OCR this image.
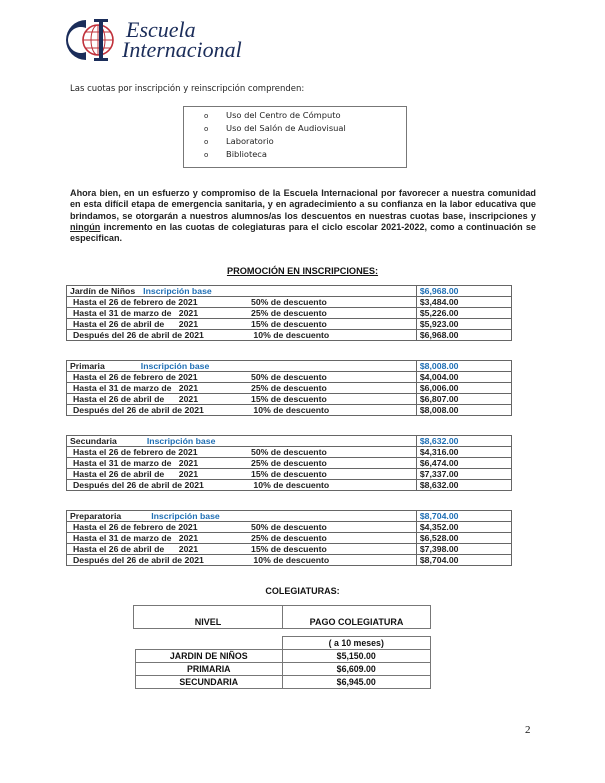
Escuela
Internacional
Las cuotas por inscripción y reinscripción comprenden:
o Uso del Centro de Cómputo
o Uso del Salón de Audiovisual
o Laboratorio
o Biblioteca
Ahora bien, en un esfuerzo y compromiso de la Escuela Internacional por favorecer a nuestra comunidad en esta difícil etapa de emergencia sanitaria, y en agradecimiento a su confianza en la labor educativa que brindamos, se otorgarán a nuestros alumnos/as los descuentos en nuestras cuotas base, inscripciones y ningún incremento en las cuotas de colegiaturas para el ciclo escolar 2021-2022, como a continuación se especifican.
PROMOCIÓN EN INSCRIPCIONES:
Jardín de Niños Inscripción base	$6,968.00
Hasta el 26 de febrero de 2021 50% de descuento	$3,484.00
Hasta el 31 de marzo de   2021 25% de descuento	$5,226.00
Hasta el 26 de abril de      2021 15% de descuento	$5,923.00
Después del 26 de abril de 2021 10% de descuento	$6,968.00
Primaria Inscripción base	$8,008.00
Hasta el 26 de febrero de 2021 50% de descuento	$4,004.00
Hasta el 31 de marzo de   2021 25% de descuento	$6,006.00
Hasta el 26 de abril de      2021 15% de descuento	$6,807.00
Después del 26 de abril de 2021 10% de descuento	$8,008.00
Secundaria Inscripción base	$8,632.00
Hasta el 26 de febrero de 2021 50% de descuento	$4,316.00
Hasta el 31 de marzo de   2021 25% de descuento	$6,474.00
Hasta el 26 de abril de      2021 15% de descuento	$7,337.00
Después del 26 de abril de 2021 10% de descuento	$8,632.00
Preparatoria Inscripción base	$8,704.00
Hasta el 26 de febrero de 2021 50% de descuento	$4,352.00
Hasta el 31 de marzo de   2021 25% de descuento	$6,528.00
Hasta el 26 de abril de      2021 15% de descuento	$7,398.00
Después del 26 de abril de 2021 10% de descuento	$8,704.00
COLEGIATURAS:
NIVEL	PAGO COLEGIATURA
	( a 10 meses)
JARDIN DE NIÑOS	$5,150.00
PRIMARIA	$6,609.00
SECUNDARIA	$6,945.00
2
